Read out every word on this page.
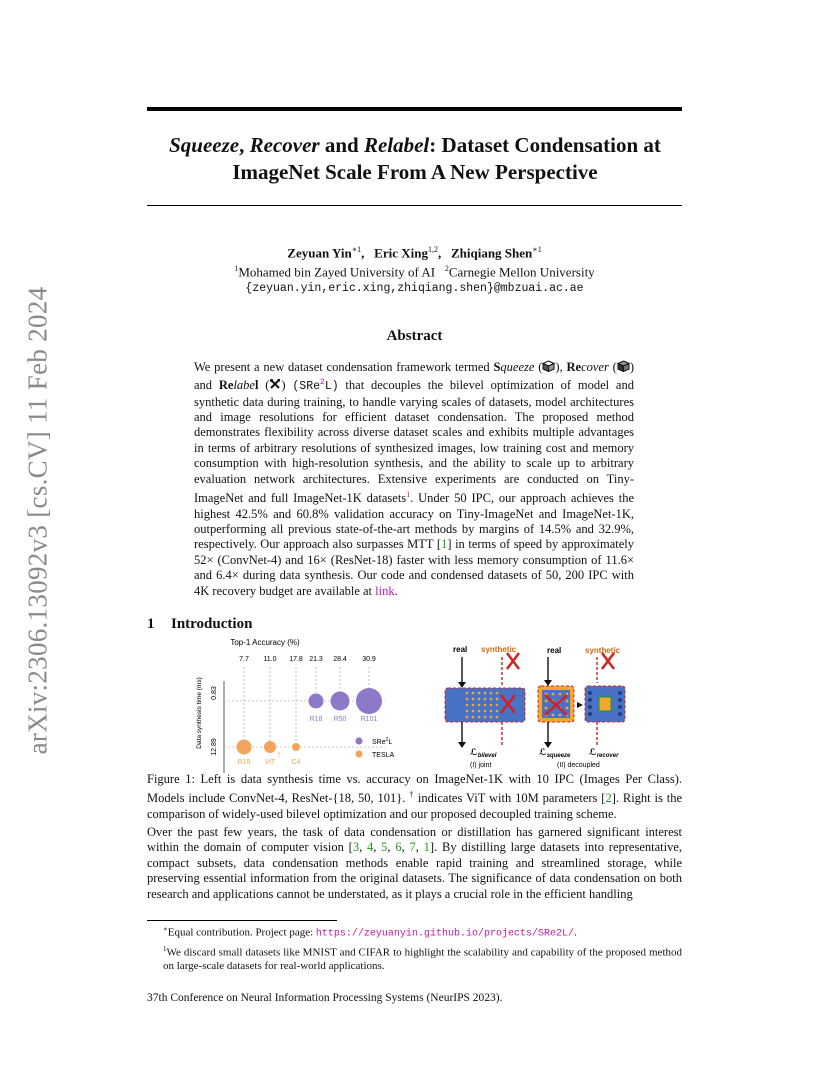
arXiv:2306.13092v3 [cs.CV] 11 Feb 2024
Squeeze, Recover and Relabel: Dataset Condensation at
ImageNet Scale From A New Perspective
Zeyuan Yin$^{∗1}$,   Eric Xing$^{1,2}$,   Zhiqiang Shen$^{∗1}$
$^1$Mohamed bin Zayed University of AI $^2$Carnegie Mellon University
{zeyuan.yin,eric.xing,zhiqiang.shen}@mbzuai.ac.ae
Abstract
We present a new dataset condensation framework termed Squeeze ( ), Recover ( ) and Relabel ( ) (SRe$^2$L) that decouples the bilevel optimization of model and synthetic data during training, to handle varying scales of datasets, model architectures and image resolutions for efficient dataset condensation. The proposed method demonstrates flexibility across diverse dataset scales and exhibits multiple advantages in terms of arbitrary resolutions of synthesized images, low training cost and memory consumption with high-resolution synthesis, and the ability to scale up to arbitrary evaluation network architectures. Extensive experiments are conducted on Tiny-ImageNet and full ImageNet-1K datasets$^1$. Under 50 IPC, our approach achieves the highest 42.5% and 60.8% validation accuracy on Tiny-ImageNet and ImageNet-1K, outperforming all previous state-of-the-art methods by margins of 14.5% and 32.9%, respectively. Our approach also surpasses MTT [1] in terms of speed by approximately 52× (ConvNet-4) and 16× (ResNet-18) faster with less memory consumption of 11.6× and 6.4× during data synthesis. Our code and condensed datasets of 50, 200 IPC with 4K recovery budget are available at link.
1 Introduction
Top-1 Accuracy (%)
Data synthesis time (ms) 0.83
12.89
7.7 11.0 17.8 21.3 28.4 30.9
R18 R50 R101
R18 ViT C4
†
SRe$^2$L
TESLA
real synthetic	real	synthetic
ℒ$_{bilevel}$
(I) joint
ℒ$_{squeeze}$ ℒ$_{recover}$
(II) decoupled
Figure 1: Left is data synthesis time vs. accuracy on ImageNet-1K with 10 IPC (Images Per Class). Models include ConvNet-4, ResNet-{18, 50, 101}. † indicates ViT with 10M parameters [2]. Right is the comparison of widely-used bilevel optimization and our proposed decoupled training scheme.
Over the past few years, the task of data condensation or distillation has garnered significant interest within the domain of computer vision [3, 4, 5, 6, 7, 1]. By distilling large datasets into representative, compact subsets, data condensation methods enable rapid training and streamlined storage, while preserving essential information from the original datasets. The significance of data condensation on both research and applications cannot be understated, as it plays a crucial role in the efficient handling

∗Equal contribution. Project page: https://zeyuanyin.github.io/projects/SRe2L/.

$^1$We discard small datasets like MNIST and CIFAR to highlight the scalability and capability of the proposed method on large-scale datasets for real-world applications.

37th Conference on Neural Information Processing Systems (NeurIPS 2023).
